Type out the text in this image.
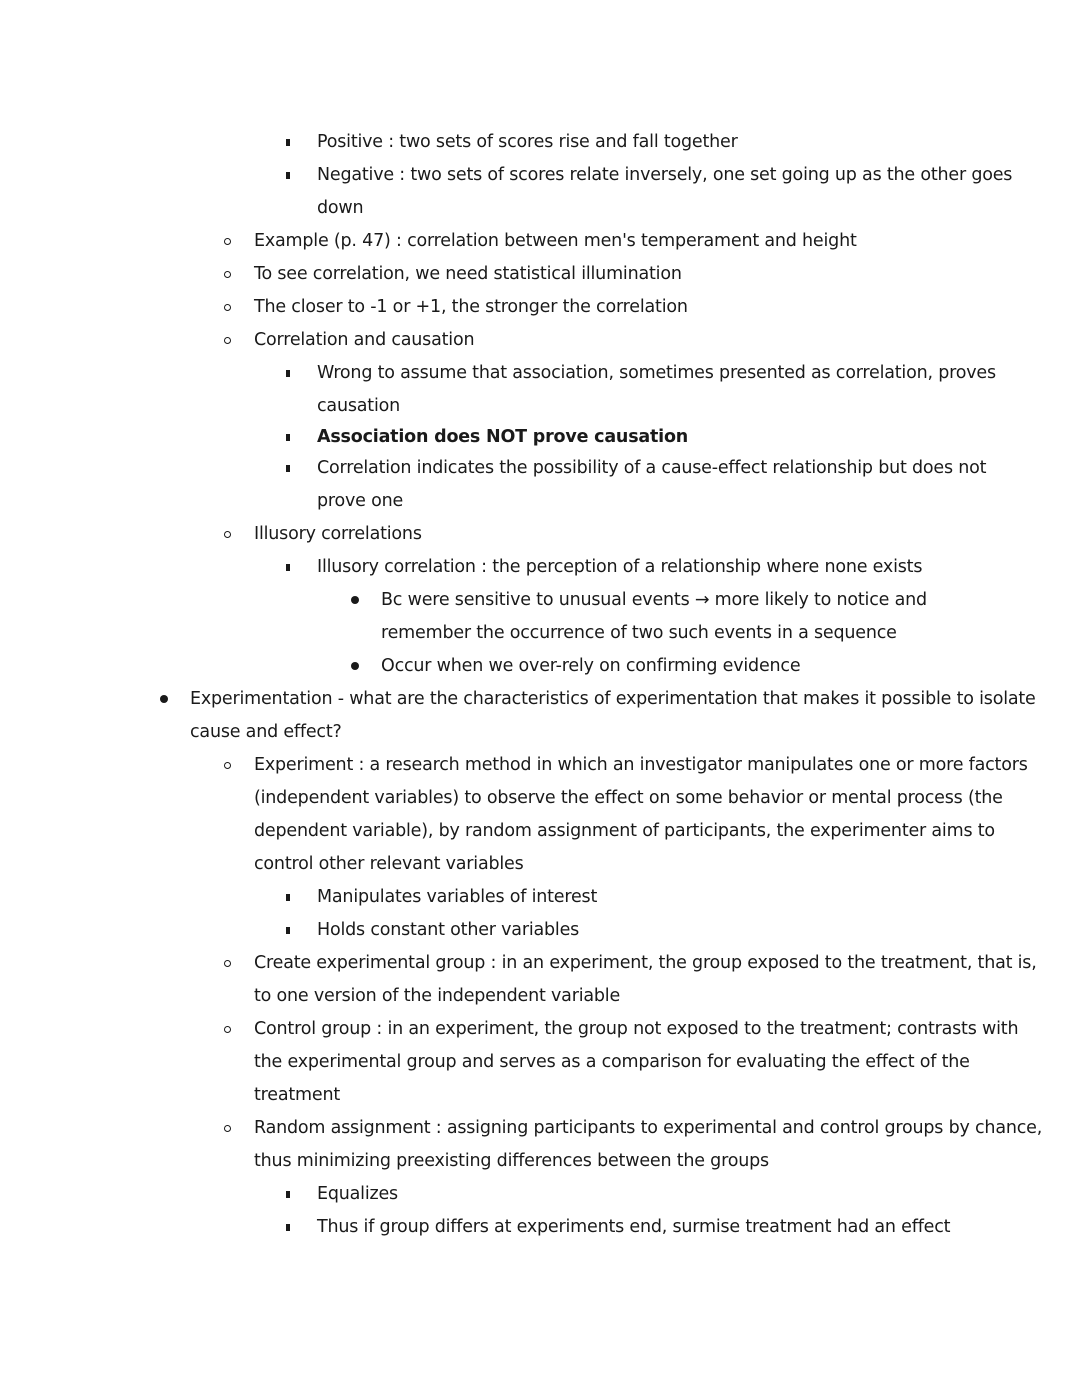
Positive : two sets of scores rise and fall together
Negative : two sets of scores relate inversely, one set going up as the other goes
down
Example (p. 47) : correlation between men's temperament and height
To see correlation, we need statistical illumination
The closer to -1 or +1, the stronger the correlation
Correlation and causation
Wrong to assume that association, sometimes presented as correlation, proves
causation
Association does NOT prove causation
Correlation indicates the possibility of a cause-effect relationship but does not
prove one
Illusory correlations
Illusory correlation : the perception of a relationship where none exists
Bc were sensitive to unusual events → more likely to notice and
remember the occurrence of two such events in a sequence
Occur when we over-rely on confirming evidence
Experimentation - what are the characteristics of experimentation that makes it possible to isolate
cause and effect?
Experiment : a research method in which an investigator manipulates one or more factors
(independent variables) to observe the effect on some behavior or mental process (the
dependent variable), by random assignment of participants, the experimenter aims to
control other relevant variables
Manipulates variables of interest
Holds constant other variables
Create experimental group : in an experiment, the group exposed to the treatment, that is,
to one version of the independent variable
Control group : in an experiment, the group not exposed to the treatment; contrasts with
the experimental group and serves as a comparison for evaluating the effect of the
treatment
Random assignment : assigning participants to experimental and control groups by chance,
thus minimizing preexisting differences between the groups
Equalizes
Thus if group differs at experiments end, surmise treatment had an effect
